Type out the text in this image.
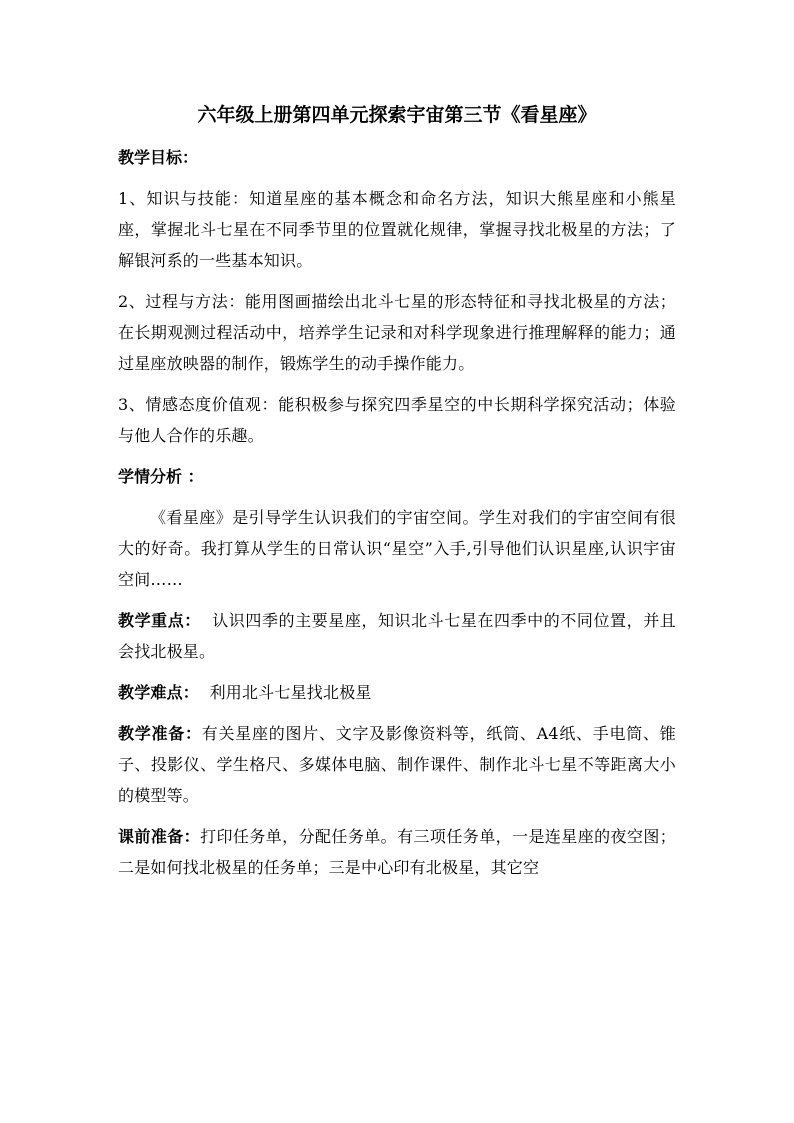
六年级上册第四单元探索宇宙第三节《看星座》

教学目标：

1、知识与技能：知道星座的基本概念和命名方法，知识大熊星座和小熊星座，掌握北斗七星在不同季节里的位置就化规律，掌握寻找北极星的方法；了解银河系的一些基本知识。

2、过程与方法：能用图画描绘出北斗七星的形态特征和寻找北极星的方法；在长期观测过程活动中，培养学生记录和对科学现象进行推理解释的能力；通过星座放映器的制作，锻炼学生的动手操作能力。

3、情感态度价值观：能积极参与探究四季星空的中长期科学探究活动；体验与他人合作的乐趣。

学情分析 ：

《看星座》是引导学生认识我们的宇宙空间。学生对我们的宇宙空间有很大的好奇。我打算从学生的日常认识“星空”入手,引导他们认识星座,认识宇宙空间……

教学重点：  认识四季的主要星座，知识北斗七星在四季中的不同位置，并且会找北极星。

教学难点：  利用北斗七星找北极星

教学准备：有关星座的图片、文字及影像资料等，纸筒、A4纸、手电筒、锥子、投影仪、学生格尺、多媒体电脑、制作课件、制作北斗七星不等距离大小的模型等。

课前准备：打印任务单，分配任务单。有三项任务单，一是连星座的夜空图；二是如何找北极星的任务单；三是中心印有北极星，其它空
